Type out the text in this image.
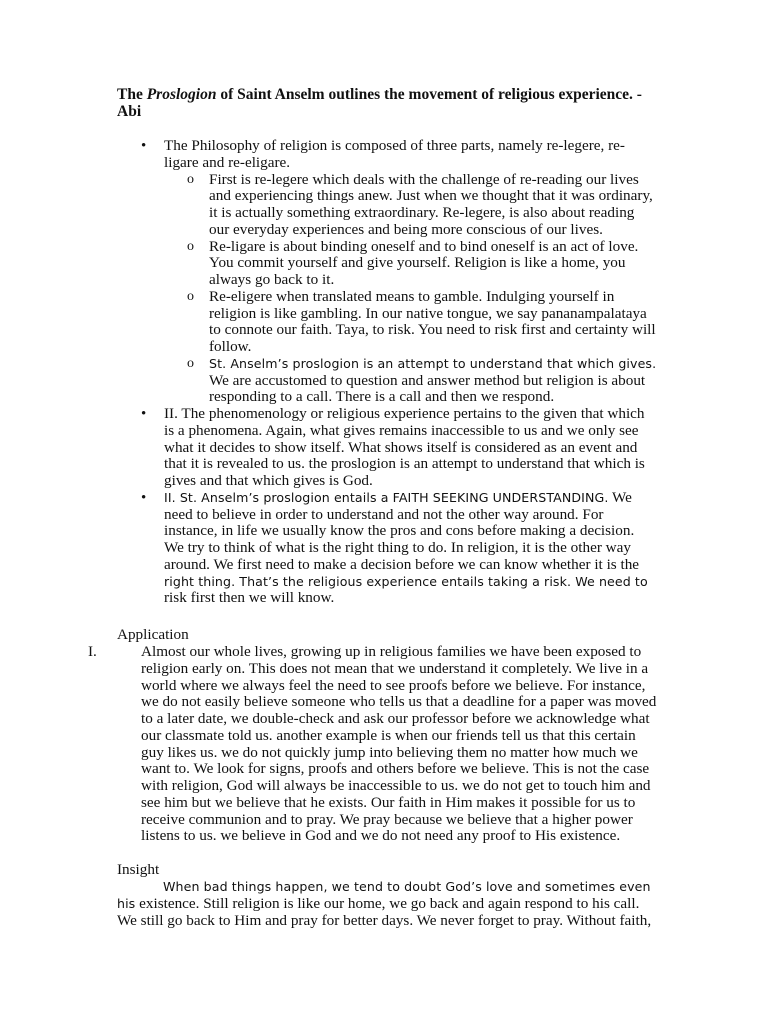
The Proslogion of Saint Anselm outlines the movement of religious experience. - Abi
• The Philosophy of religion is composed of three parts, namely re-legere, re-ligare and re-eligare.
o First is re-legere which deals with the challenge of re-reading our lives and experiencing things anew. Just when we thought that it was ordinary, it is actually something extraordinary. Re-legere, is also about reading our everyday experiences and being more conscious of our lives.
o Re-ligare is about binding oneself and to bind oneself is an act of love. You commit yourself and give yourself. Religion is like a home, you always go back to it.
o Re-eligere when translated means to gamble. Indulging yourself in religion is like gambling. In our native tongue, we say pananampalataya to connote our faith. Taya, to risk. You need to risk first and certainty will follow.
o St. Anselm’s proslogion is an attempt to understand that which gives. We are accustomed to question and answer method but religion is about responding to a call. There is a call and then we respond.
• II. The phenomenology or religious experience pertains to the given that which is a phenomena. Again, what gives remains inaccessible to us and we only see what it decides to show itself. What shows itself is considered as an event and that it is revealed to us. the proslogion is an attempt to understand that which is gives and that which gives is God.
• II. St. Anselm’s proslogion entails a FAITH SEEKING UNDERSTANDING. We need to believe in order to understand and not the other way around. For instance, in life we usually know the pros and cons before making a decision. We try to think of what is the right thing to do. In religion, it is the other way around. We first need to make a decision before we can know whether it is the right thing. That’s the religious experience entails taking a risk. We need to risk first then we will know.
Application
I.	Almost our whole lives, growing up in religious families we have been exposed to religion early on. This does not mean that we understand it completely. We live in a world where we always feel the need to see proofs before we believe. For instance, we do not easily believe someone who tells us that a deadline for a paper was moved to a later date, we double-check and ask our professor before we acknowledge what our classmate told us. another example is when our friends tell us that this certain guy likes us. we do not quickly jump into believing them no matter how much we want to. We look for signs, proofs and others before we believe. This is not the case with religion, God will always be inaccessible to us. we do not get to touch him and see him but we believe that he exists. Our faith in Him makes it possible for us to receive communion and to pray. We pray because we believe that a higher power listens to us. we believe in God and we do not need any proof to His existence.
Insight
When bad things happen, we tend to doubt God’s love and sometimes even his existence. Still religion is like our home, we go back and again respond to his call. We still go back to Him and pray for better days. We never forget to pray. Without faith,
